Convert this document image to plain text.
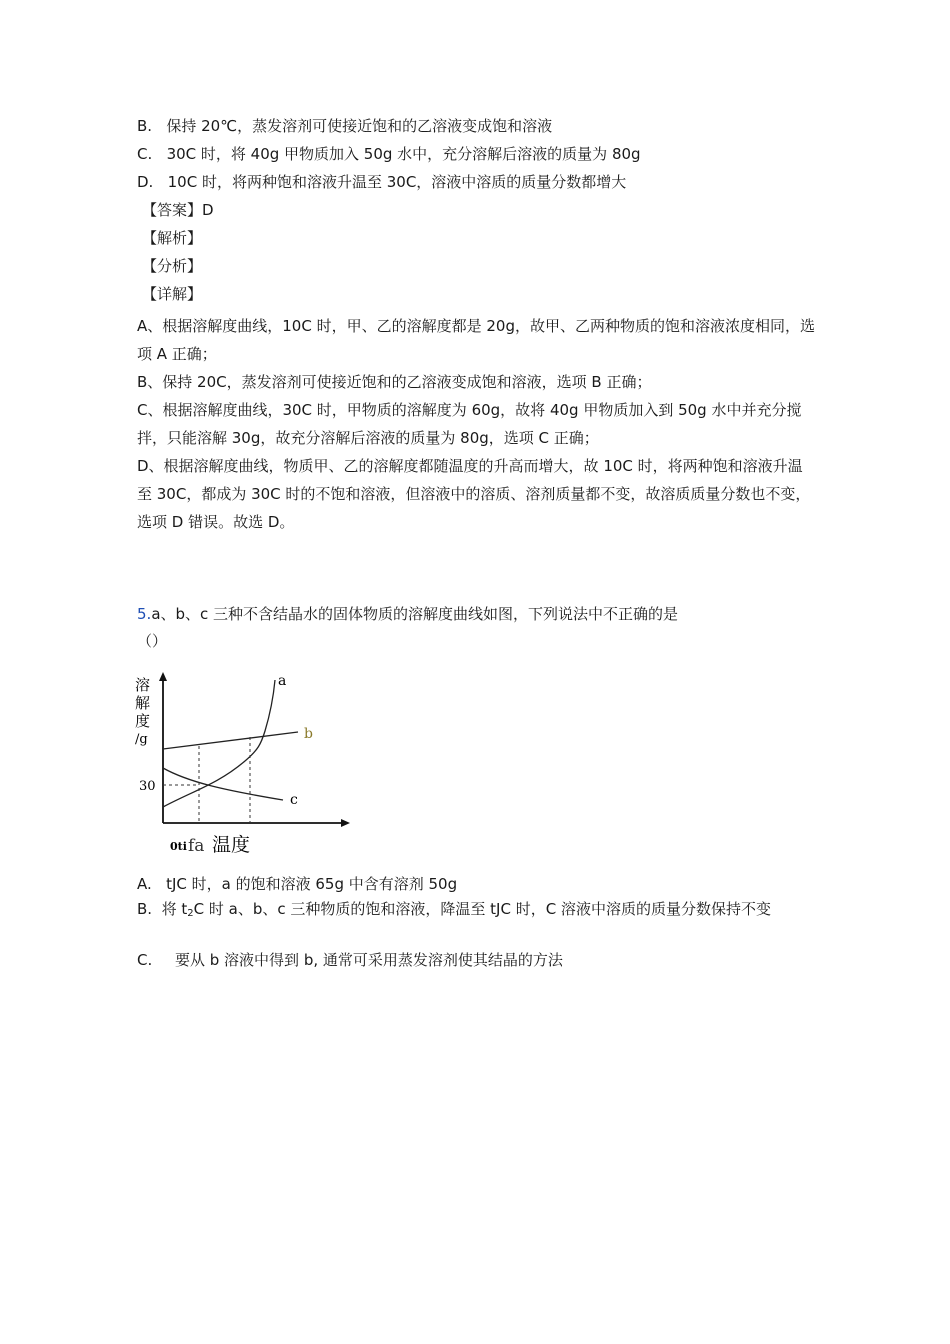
B. 保持 20℃，蒸发溶剂可使接近饱和的乙溶液变成饱和溶液
C. 30C 时，将 40g 甲物质加入 50g 水中，充分溶解后溶液的质量为 80g
D. 10C 时，将两种饱和溶液升温至 30C，溶液中溶质的质量分数都增大
【答案】D
【解析】
【分析】
【详解】
A、根据溶解度曲线，10C 时，甲、乙的溶解度都是 20g，故甲、乙两种物质的饱和溶液浓度相同，选项 A 正确；
B、保持 20C，蒸发溶剂可使接近饱和的乙溶液变成饱和溶液，选项 B 正确；
C、根据溶解度曲线，30C 时，甲物质的溶解度为 60g，故将 40g 甲物质加入到 50g 水中并充分搅拌，只能溶解 30g，故充分溶解后溶液的质量为 80g，选项 C 正确；
D、根据溶解度曲线，物质甲、乙的溶解度都随温度的升高而增大，故 10C 时，将两种饱和溶液升温至 30C，都成为 30C 时的不饱和溶液，但溶液中的溶质、溶剂质量都不变，故溶质质量分数也不变，选项 D 错误。故选 D。
5.a、b、c 三种不含结晶水的固体物质的溶解度曲线如图，下列说法中不正确的是
（）
溶
解
度
/g
30
a
b
c
0ti fa 温度
A. tJC 时，a 的饱和溶液 65g 中含有溶剂 50g
B. 将 $t_2C$ 时 a、b、c 三种物质的饱和溶液，降温至 tJC 时，C 溶液中溶质的质量分数保持不变
C. 要从 b 溶液中得到 b, 通常可采用蒸发溶剂使其结晶的方法
